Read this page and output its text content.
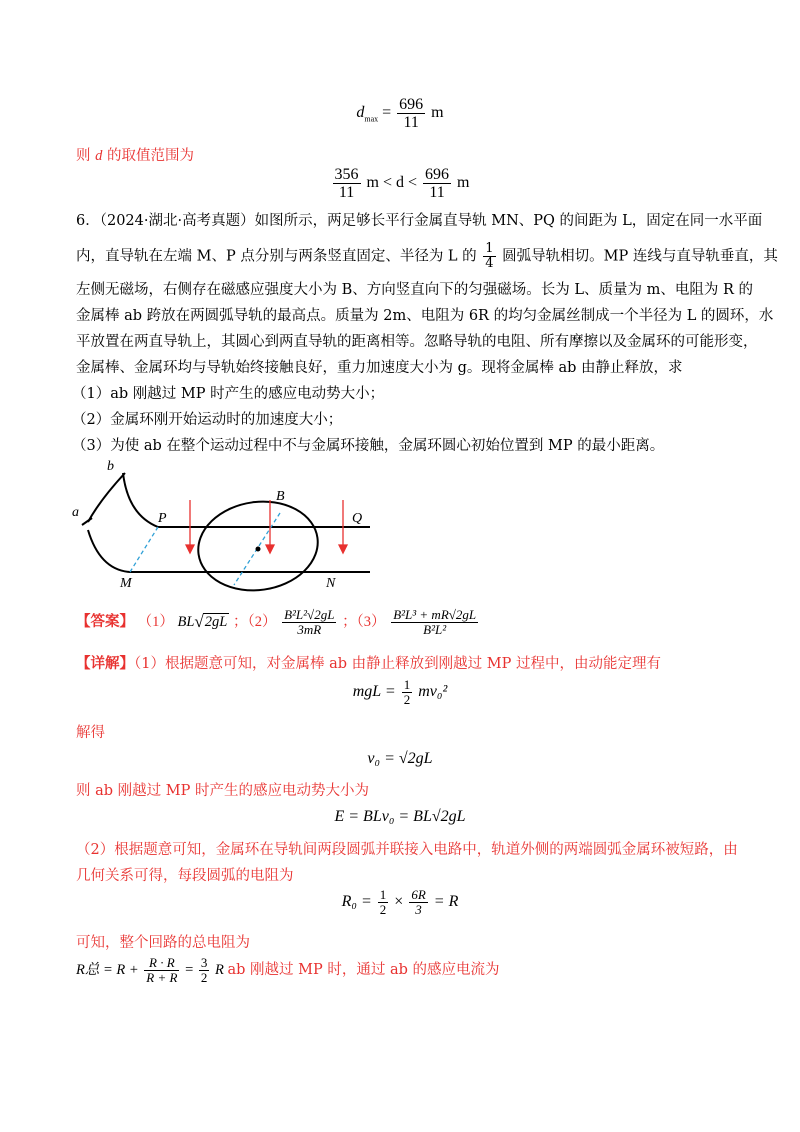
$d_{max} = \frac{696}{11}$ m
则 d 的取值范围为
$\frac{356}{11}$ $m < d < \frac{696}{11}$ m
6．（2024·湖北·高考真题）如图所示，两足够长平行金属直导轨 MN、PQ 的间距为 L，固定在同一水平面
内，直导轨在左端 M、P 点分别与两条竖直固定、半径为 L 的 $\frac{1}{4}$ 圆弧导轨相切。MP 连线与直导轨垂直，其
左侧无磁场，右侧存在磁感应强度大小为 B、方向竖直向下的匀强磁场。长为 L、质量为 m、电阻为 R 的
金属棒 ab 跨放在两圆弧导轨的最高点。质量为 2m、电阻为 6R 的均匀金属丝制成一个半径为 L 的圆环，水
平放置在两直导轨上，其圆心到两直导轨的距离相等。忽略导轨的电阻、所有摩擦以及金属环的可能形变，
金属棒、金属环均与导轨始终接触良好，重力加速度大小为 g。现将金属棒 ab 由静止释放，求
（1）ab 刚越过 MP 时产生的感应电动势大小；
（2）金属环刚开始运动时的加速度大小；
（3）为使 ab 在整个运动过程中不与金属环接触，金属环圆心初始位置到 MP 的最小距离。
b
a	P
B
Q
M	N
【答案】 （1） BL√2gL ；$(2) \frac{\text{B²L²√2gL}}{3mR}$ ；$(3) \frac{\text{B²L³ + mR√2gL}}{\text{B²L²}}$
【详解】（1）根据题意可知，对金属棒 ab 由静止释放到刚越过 MP 过程中，由动能定理有
mgL = $\frac{1}{2} mv_0^2$
解得
v₀ = √2gL
则 ab 刚越过 MP 时产生的感应电动势大小为
E = BLv₀ = BL√2gL
（2）根据题意可知，金属环在导轨间两段圆弧并联接入电路中，轨道外侧的两端圆弧金属环被短路，由
几何关系可得，每段圆弧的电阻为
$R_0 = \frac{1}{2} \times \frac{6R}{3} = R$
可知，整个回路的总电阻为
R总 = $R + \frac{R \cdot R}{R + R} = \frac{3}{2}$ R ab 刚越过 MP 时，通过 ab 的感应电流为
